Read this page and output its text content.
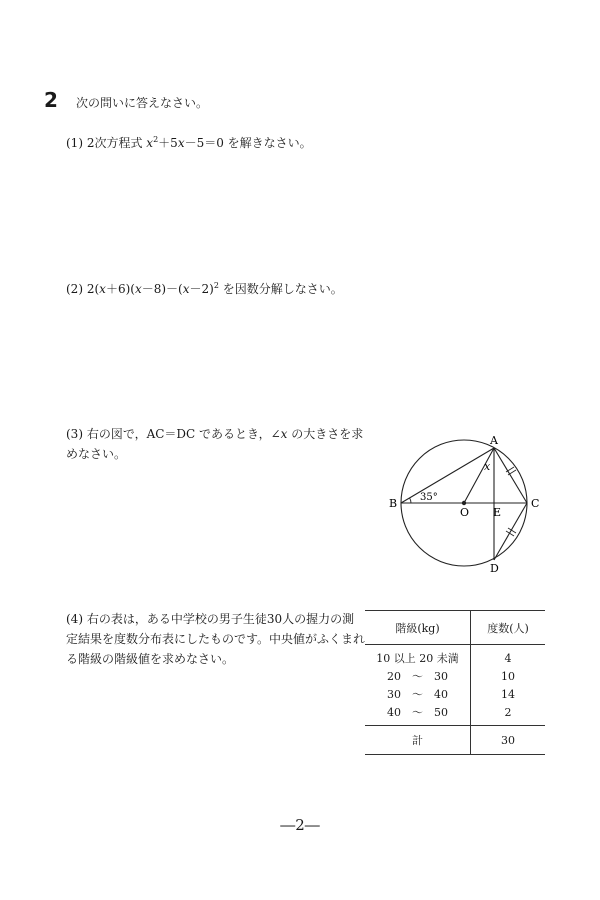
2 次の問いに答えなさい。
(1) 2次方程式 $x^2+5x-5=0$ を解きなさい。
(2) $2(x+6)(x-8)-(x-2)^2$ を因数分解しなさい。
(3) 右の図で，AC＝DC であるとき，∠x の大きさを求めなさい。
A
B	C
D
E
O
35°
x
(4) 右の表は，ある中学校の男子生徒30人の握力の測定結果を度数分布表にしたものです。中央値がふくまれる階級の階級値を求めなさい。
階級(kg)	度数(人)
10 以上 20 未満	4
20　～　30	10
30　～　40	14
40　～　50	2
計	30
―2―
